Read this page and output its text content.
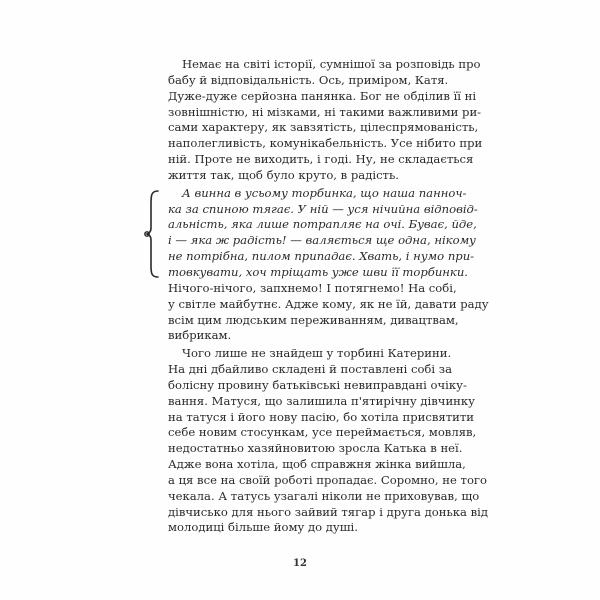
Немає на світі історії, сумнішої за розповідь про
бабу й відповідальність. Ось, приміром, Катя.
Дуже-дуже серйозна панянка. Бог не обділив її ні
зовнішністю, ні мізками, ні такими важливими ри-
сами характеру, як завзятість, цілеспрямованість,
наполегливість, комунікабельність. Усе нібито при
ній. Проте не виходить, і годі. Ну, не складається
життя так, щоб було круто, в радість.
А винна в усьому торбинка, що наша панноч-
ка за спиною тягає. У ній — уся нічийна відповід-
альність, яка лише потрапляє на очі. Буває, йде,
і — яка ж радість! — валяється ще одна, нікому
не потрібна, пилом припадає. Хвать, і нумо при-
товкувати, хоч тріщать уже шви її торбинки.
Нічого-нічого, запхнемо! І потягнемо! На собі,
у світле майбутнє. Адже кому, як не їй, давати раду
всім цим людським переживанням, дивацтвам,
вибрикам.
Чого лише не знайдеш у торбині Катерини.
На дні дбайливо складені й поставлені собі за
болісну провину батьківські невиправдані очіку-
вання. Матуся, що залишила п'ятирічну дівчинку
на татуся і його нову пасію, бо хотіла присвятити
себе новим стосункам, усе переймається, мовляв,
недостатньо хазяйновитою зросла Катька в неї.
Адже вона хотіла, щоб справжня жінка вийшла,
а ця все на своїй роботі пропадає. Соромно, не того
чекала. А татусь узагалі ніколи не приховував, що
дівчисько для нього зайвий тягар і друга донька від
молодиці більше йому до душі.
12
